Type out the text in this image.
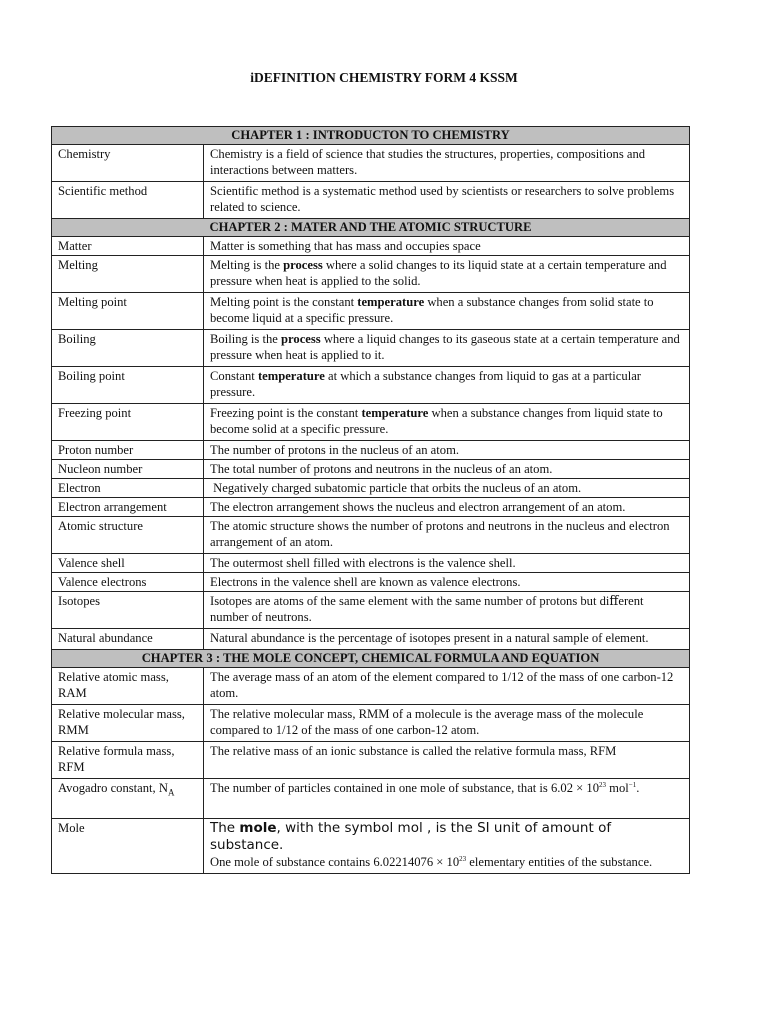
iDEFINITION CHEMISTRY FORM 4 KSSM
CHAPTER 1 : INTRODUCTON TO CHEMISTRY	
Chemistry	Chemistry is a field of science that studies the structures, properties, compositions and interactions between matters.
Scientific method	Scientific method is a systematic method used by scientists or researchers to solve problems related to science.
CHAPTER 2 : MATER AND THE ATOMIC STRUCTURE	
Matter	Matter is something that has mass and occupies space
Melting	Melting is the process where a solid changes to its liquid state at a certain temperature and pressure when heat is applied to the solid.
Melting point	Melting point is the constant temperature when a substance changes from solid state to become liquid at a specific pressure.
Boiling	Boiling is the process where a liquid changes to its gaseous state at a certain temperature and pressure when heat is applied to it.
Boiling point	Constant temperature at which a substance changes from liquid to gas at a particular pressure.
Freezing point	Freezing point is the constant temperature when a substance changes from liquid state to become solid at a specific pressure.
Proton number	The number of protons in the nucleus of an atom.
Nucleon number	The total number of protons and neutrons in the nucleus of an atom.
Electron	Negatively charged subatomic particle that orbits the nucleus of an atom.
Electron arrangement	The electron arrangement shows the nucleus and electron arrangement of an atom.
Atomic structure	The atomic structure shows the number of protons and neutrons in the nucleus and electron arrangement of an atom.
Valence shell	The outermost shell filled with electrons is the valence shell.
Valence electrons	Electrons in the valence shell are known as valence electrons.
Isotopes	Isotopes are atoms of the same element with the same number of protons but diﬀerent number of neutrons.
Natural abundance	Natural abundance is the percentage of isotopes present in a natural sample of element.
CHAPTER 3 : THE MOLE CONCEPT, CHEMICAL FORMULA AND EQUATION	
Relative atomic mass, RAM	The average mass of an atom of the element compared to 1/12 of the mass of one carbon-12 atom.
Relative molecular mass, RMM	The relative molecular mass, RMM of a molecule is the average mass of the molecule compared to 1/12 of the mass of one carbon-12 atom.
Relative formula mass, RFM	The relative mass of an ionic substance is called the relative formula mass, RFM
Avogadro constant, $N_A$	The number of particles contained in one mole of substance, that is $6.02 \times 10^{23}$ mol$^{-1}$.
Mole	The mole, with the symbol mol , is the SI unit of amount of substance.
One mole of substance contains $6.02214076 \times 10^{23}$ elementary entities of the substance.
